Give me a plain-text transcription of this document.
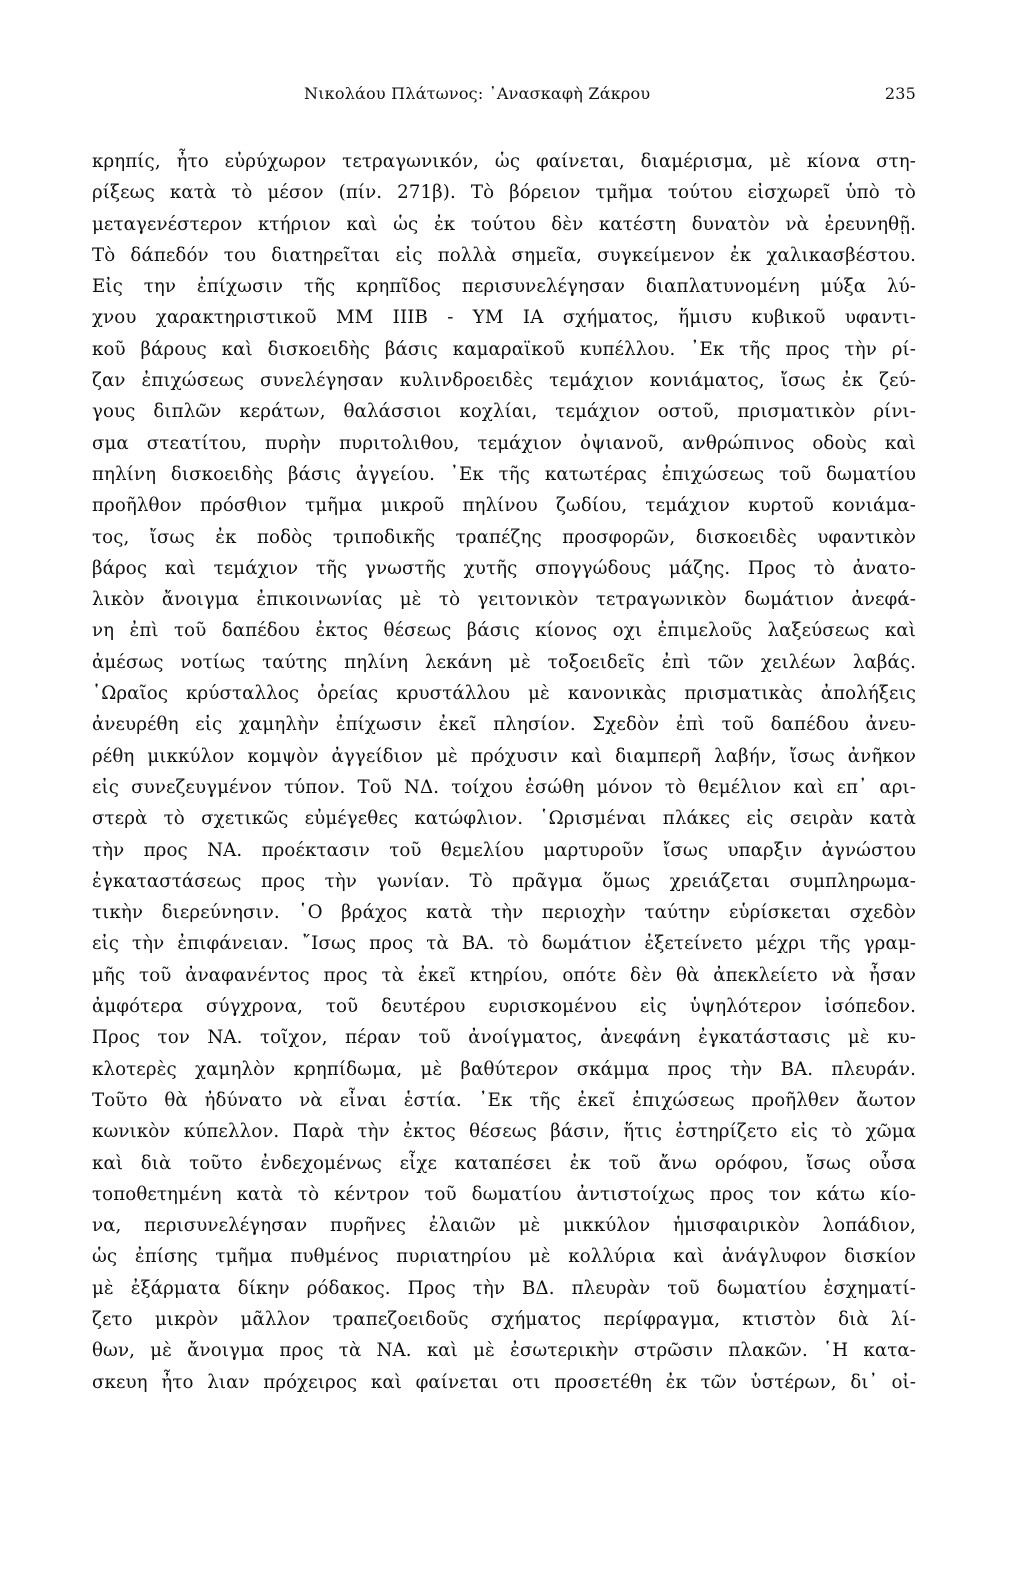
Νικολάου Πλάτωνος: ᾿Ανασκαφὴ Ζάκρου	235
κρηπίς, ἦτο εὐρύχωρον τετραγωνικόν, ὡς φαίνεται, διαμέρισμα, μὲ κίονα στη-
ρίξεως κατὰ τὸ μέσον (πίν. 271β). Τὸ βόρειον τμῆμα τούτου εἰσχωρεῖ ὑπὸ τὸ
μεταγενέστερον κτήριον καὶ ὡς ἐκ τούτου δὲν κατέστη δυνατὸν νὰ ἐρευνηθῇ.
Τὸ δάπεδόν του διατηρεῖται εἰς πολλὰ σημεῖα, συγκείμενον ἐκ χαλικασβέστου.
Εἰς την ἐπίχωσιν τῆς κρηπῖδος περισυνελέγησαν διαπλατυνομένη μύξα λύ-
χνου χαρακτηριστικοῦ ΜΜ ΙΙΙΒ - ΥΜ ΙΑ σχήματος, ἥμισυ κυβικοῦ υφαντι-
κοῦ βάρους καὶ δισκοειδὴς βάσις καμαραϊκοῦ κυπέλλου. ᾿Εκ τῆς προς τὴν ρί-
ζαν ἐπιχώσεως συνελέγησαν κυλινδροειδὲς τεμάχιον κονιάματος, ἴσως ἐκ ζεύ-
γους διπλῶν κεράτων, θαλάσσιοι κοχλίαι, τεμάχιον οστοῦ, πρισματικὸν ρίνι-
σμα στεατίτου, πυρὴν πυριτολιθου, τεμάχιον ὀψιανοῦ, ανθρώπινος οδοὺς καὶ
πηλίνη δισκοειδὴς βάσις ἀγγείου. ᾿Εκ τῆς κατωτέρας ἐπιχώσεως τοῦ δωματίου
προῆλθον πρόσθιον τμῆμα μικροῦ πηλίνου ζωδίου, τεμάχιον κυρτοῦ κονιάμα-
τος, ἴσως ἐκ ποδὸς τριποδικῆς τραπέζης προσφορῶν, δισκοειδὲς υφαντικὸν
βάρος καὶ τεμάχιον τῆς γνωστῆς χυτῆς σπογγώδους μάζης. Προς τὸ ἀνατο-
λικὸν ἄνοιγμα ἐπικοινωνίας μὲ τὸ γειτονικὸν τετραγωνικὸν δωμάτιον ἀνεφά-
νη ἐπὶ τοῦ δαπέδου ἐκτος θέσεως βάσις κίονος οχι ἐπιμελοῦς λαξεύσεως καὶ
ἀμέσως νοτίως ταύτης πηλίνη λεκάνη μὲ τοξοειδεῖς ἐπὶ τῶν χειλέων λαβάς.
῾Ωραῖος κρύσταλλος ὀρείας κρυστάλλου μὲ κανονικὰς πρισματικὰς ἀπολήξεις
ἀνευρέθη εἰς χαμηλὴν ἐπίχωσιν ἐκεῖ πλησίον. Σχεδὸν ἐπὶ τοῦ δαπέδου ἀνευ-
ρέθη μικκύλον κομψὸν ἀγγείδιον μὲ πρόχυσιν καὶ διαμπερῆ λαβήν, ἴσως ἀνῆκον
εἰς συνεζευγμένον τύπον. Τοῦ ΝΔ. τοίχου ἐσώθη μόνον τὸ θεμέλιον καὶ επ᾿ αρι-
στερὰ τὸ σχετικῶς εὐμέγεθες κατώφλιον. ῾Ωρισμέναι πλάκες εἰς σειρὰν κατὰ
τὴν προς ΝΑ. προέκτασιν τοῦ θεμελίου μαρτυροῦν ἴσως υπαρξιν ἀγνώστου
ἐγκαταστάσεως προς τὴν γωνίαν. Τὸ πρᾶγμα ὅμως χρειάζεται συμπληρωμα-
τικὴν διερεύνησιν. ῾Ο βράχος κατὰ τὴν περιοχὴν ταύτην εὑρίσκεται σχεδὸν
εἰς τὴν ἐπιφάνειαν. ῎Ισως προς τὰ ΒΑ. τὸ δωμάτιον ἐξετείνετο μέχρι τῆς γραμ-
μῆς τοῦ ἀναφανέντος προς τὰ ἐκεῖ κτηρίου, οπότε δὲν θὰ ἀπεκλείετο νὰ ἦσαν
ἀμφότερα σύγχρονα, τοῦ δευτέρου ευρισκομένου εἰς ὑψηλότερον ἰσόπεδον.
Προς τον ΝΑ. τοῖχον, πέραν τοῦ ἀνοίγματος, ἀνεφάνη ἐγκατάστασις μὲ κυ-
κλοτερὲς χαμηλὸν κρηπίδωμα, μὲ βαθύτερον σκάμμα προς τὴν ΒΑ. πλευράν.
Τοῦτο θὰ ἠδύνατο νὰ εἶναι ἑστία. ᾿Εκ τῆς ἐκεῖ ἐπιχώσεως προῆλθεν ἄωτον
κωνικὸν κύπελλον. Παρὰ τὴν ἐκτος θέσεως βάσιν, ἥτις ἐστηρίζετο εἰς τὸ χῶμα
καὶ διὰ τοῦτο ἐνδεχομένως εἶχε καταπέσει ἐκ τοῦ ἄνω ορόφου, ἴσως οὖσα
τοποθετημένη κατὰ τὸ κέντρον τοῦ δωματίου ἀντιστοίχως προς τον κάτω κίο-
να, περισυνελέγησαν πυρῆνες ἐλαιῶν μὲ μικκύλον ἡμισφαιρικὸν λοπάδιον,
ὡς ἐπίσης τμῆμα πυθμένος πυριατηρίου μὲ κολλύρια καὶ ἀνάγλυφον δισκίον
μὲ ἐξάρματα δίκην ρόδακος. Προς τὴν ΒΔ. πλευρὰν τοῦ δωματίου ἐσχηματί-
ζετο μικρὸν μᾶλλον τραπεζοειδοῦς σχήματος περίφραγμα, κτιστὸν διὰ λί-
θων, μὲ ἄνοιγμα προς τὰ ΝΑ. καὶ μὲ ἐσωτερικὴν στρῶσιν πλακῶν. ῾Η κατα-
σκευη ἦτο λιαν πρόχειρος καὶ φαίνεται οτι προσετέθη ἐκ τῶν ὑστέρων, δι᾿ οἰ-
